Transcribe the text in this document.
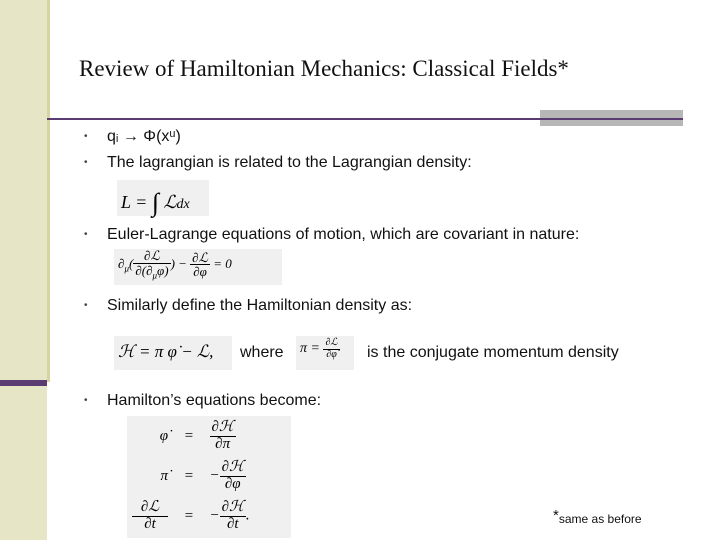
Review of Hamiltonian Mechanics: Classical Fields*
• qᵢ → Φ(xᵘ)
• The lagrangian is related to the Lagrangian density:
L = ∫ ℒdx
• Euler-Lagrange equations of motion, which are covariant in nature:
$\partial_\mu( \frac{\text{∂ℒ}}{\partial(\partial_\mu\varphi)}$ ) − $\frac{\text{∂ℒ}}{\partial\varphi} = 0$
• Similarly define the Hamiltonian density as:
ℋ = π φ̇ − ℒ, where $\pi = \frac{\text{∂ℒ}}{\partial\varphi̇}$ is the conjugate momentum density
• Hamilton’s equations become:
φ̇ = $\frac{\text{∂ℋ}}{\partial\pi}$
π̇ = − $\frac{\text{∂ℋ}}{\partial\varphi}$
$\frac{\text{∂ℒ}}{\partial t}$ = − $\frac{\text{∂ℋ}}{\partial t}$ .	*same as before
